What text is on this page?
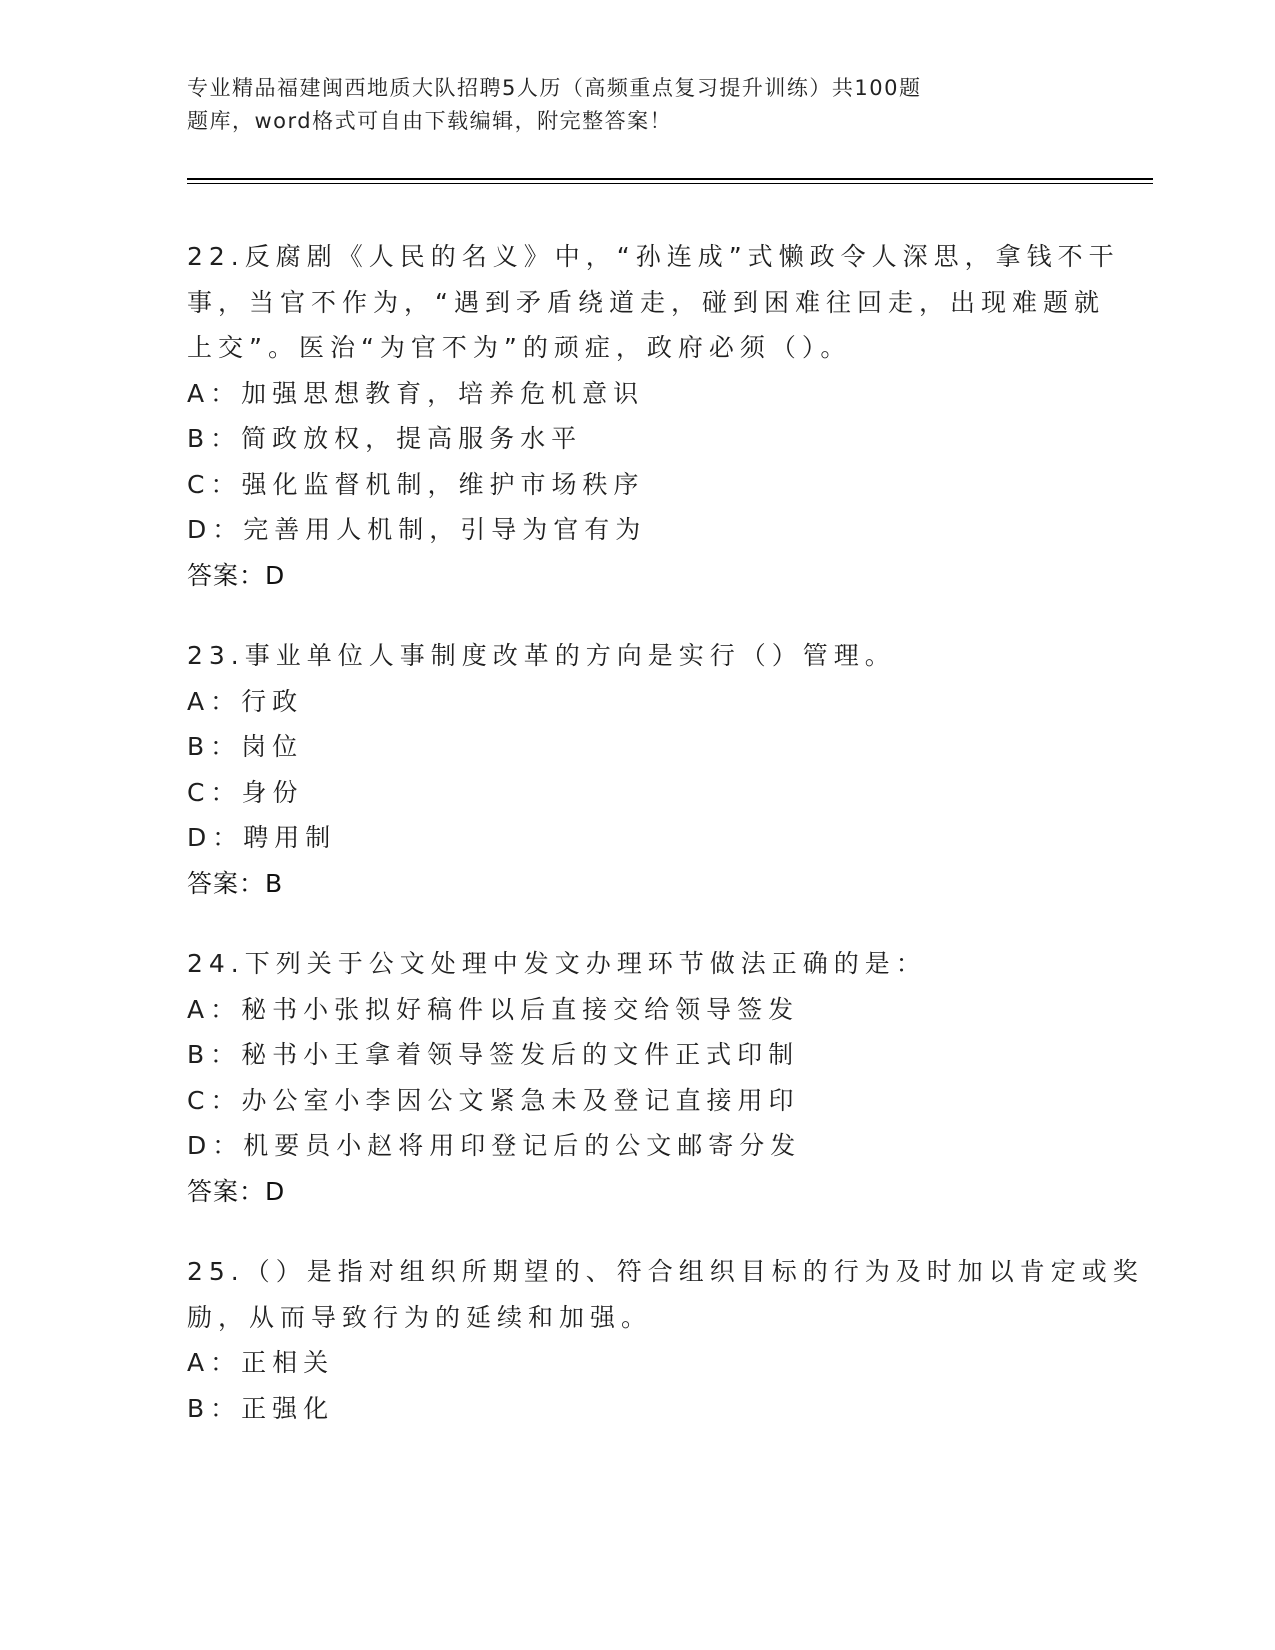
专业精品福建闽西地质大队招聘5人历（高频重点复习提升训练）共100题
题库，word格式可自由下载编辑，附完整答案！
22.反腐剧《人民的名义》中，“孙连成”式懒政令人深思，拿钱不干
事，当官不作为，“遇到矛盾绕道走，碰到困难往回走，出现难题就
上交”。医治“为官不为”的顽症，政府必须（）。
A：加强思想教育，培养危机意识
B：简政放权，提高服务水平
C：强化监督机制，维护市场秩序
D：完善用人机制，引导为官有为
答案：D
23.事业单位人事制度改革的方向是实行（）管理。
A：行政
B：岗位
C：身份
D：聘用制
答案：B
24.下列关于公文处理中发文办理环节做法正确的是：
A：秘书小张拟好稿件以后直接交给领导签发
B：秘书小王拿着领导签发后的文件正式印制
C：办公室小李因公文紧急未及登记直接用印
D：机要员小赵将用印登记后的公文邮寄分发
答案：D
25.（）是指对组织所期望的、符合组织目标的行为及时加以肯定或奖
励，从而导致行为的延续和加强。
A：正相关
B：正强化
